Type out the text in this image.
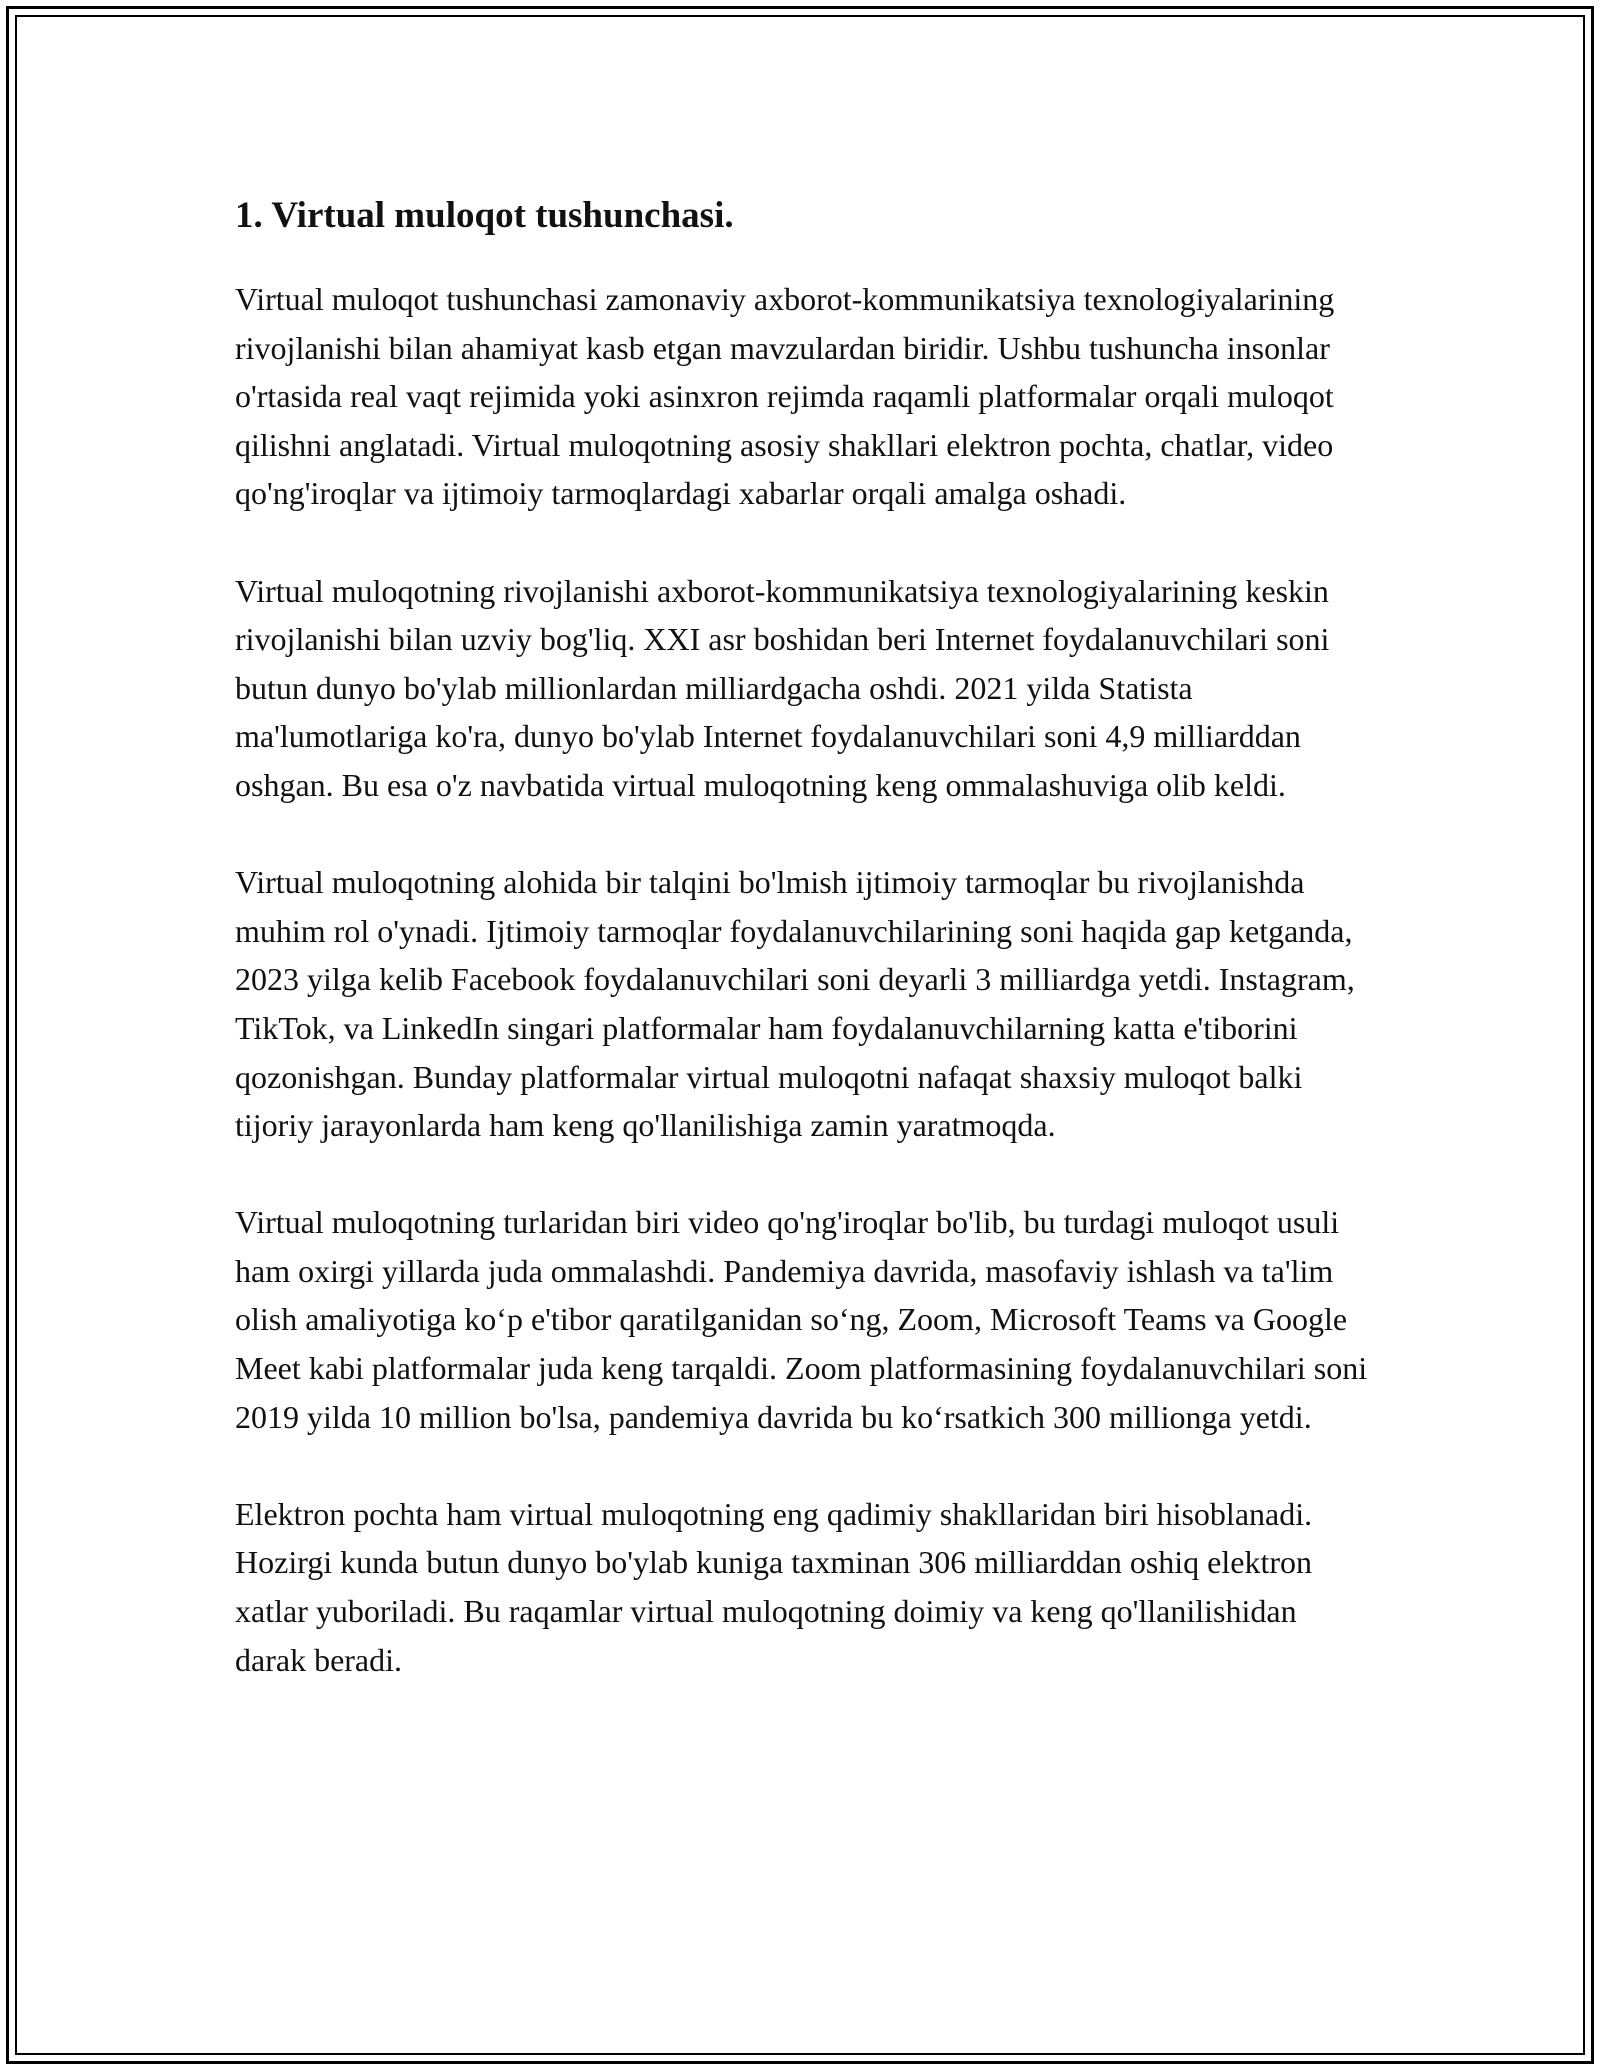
1. Virtual muloqot tushunchasi.

Virtual muloqot tushunchasi zamonaviy axborot-kommunikatsiya texnologiyalarining rivojlanishi bilan ahamiyat kasb etgan mavzulardan biridir. Ushbu tushuncha insonlar o'rtasida real vaqt rejimida yoki asinxron rejimda raqamli platformalar orqali muloqot qilishni anglatadi. Virtual muloqotning asosiy shakllari elektron pochta, chatlar, video qo'ng'iroqlar va ijtimoiy tarmoqlardagi xabarlar orqali amalga oshadi.

Virtual muloqotning rivojlanishi axborot-kommunikatsiya texnologiyalarining keskin rivojlanishi bilan uzviy bog'liq. XXI asr boshidan beri Internet foydalanuvchilari soni butun dunyo bo'ylab millionlardan milliardgacha oshdi. 2021 yilda Statista ma'lumotlariga ko'ra, dunyo bo'ylab Internet foydalanuvchilari soni 4,9 milliarddan oshgan. Bu esa o'z navbatida virtual muloqotning keng ommalashuviga olib keldi.

Virtual muloqotning alohida bir talqini bo'lmish ijtimoiy tarmoqlar bu rivojlanishda muhim rol o'ynadi. Ijtimoiy tarmoqlar foydalanuvchilarining soni haqida gap ketganda, 2023 yilga kelib Facebook foydalanuvchilari soni deyarli 3 milliardga yetdi. Instagram, TikTok, va LinkedIn singari platformalar ham foydalanuvchilarning katta e'tiborini qozonishgan. Bunday platformalar virtual muloqotni nafaqat shaxsiy muloqot balki tijoriy jarayonlarda ham keng qo'llanilishiga zamin yaratmoqda.

Virtual muloqotning turlaridan biri video qo'ng'iroqlar bo'lib, bu turdagi muloqot usuli ham oxirgi yillarda juda ommalashdi. Pandemiya davrida, masofaviy ishlash va ta'lim olish amaliyotiga ko‘p e'tibor qaratilganidan so‘ng, Zoom, Microsoft Teams va Google Meet kabi platformalar juda keng tarqaldi. Zoom platformasining foydalanuvchilari soni 2019 yilda 10 million bo'lsa, pandemiya davrida bu ko‘rsatkich 300 millionga yetdi.

Elektron pochta ham virtual muloqotning eng qadimiy shakllaridan biri hisoblanadi. Hozirgi kunda butun dunyo bo'ylab kuniga taxminan 306 milliarddan oshiq elektron xatlar yuboriladi. Bu raqamlar virtual muloqotning doimiy va keng qo'llanilishidan darak beradi.
